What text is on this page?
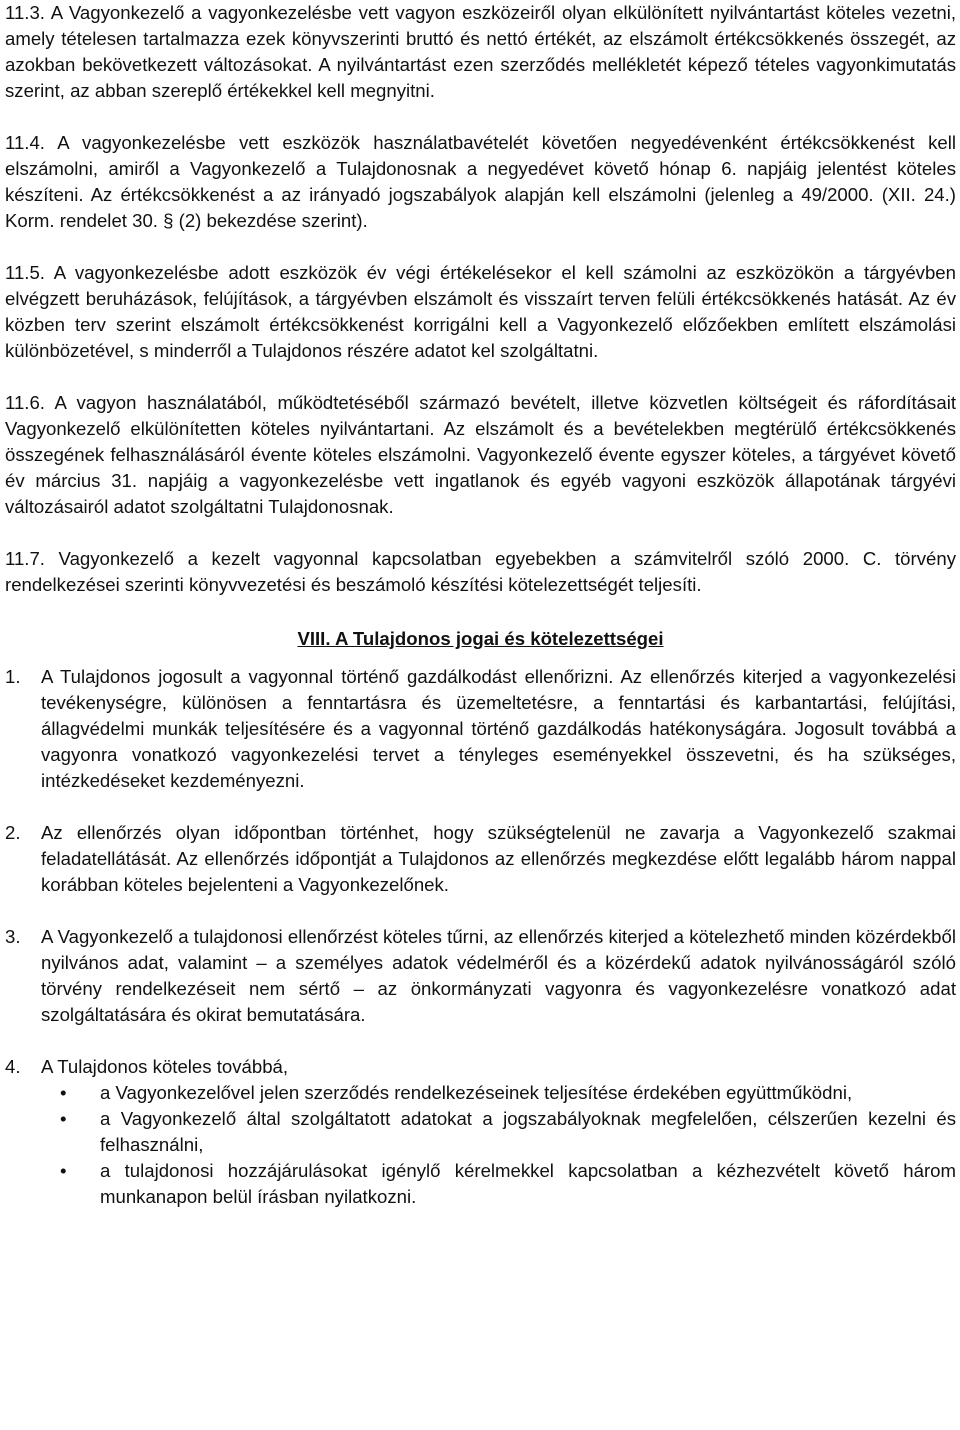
11.3. A Vagyonkezelő a vagyonkezelésbe vett vagyon eszközeiről olyan elkülönített nyilvántartást köteles vezetni, amely tételesen tartalmazza ezek könyvszerinti bruttó és nettó értékét, az elszámolt értékcsökkenés összegét, az azokban bekövetkezett változásokat. A nyilvántartást ezen szerződés mellékletét képező tételes vagyonkimutatás szerint, az abban szereplő értékekkel kell megnyitni.

11.4. A vagyonkezelésbe vett eszközök használatbavételét követően negyedévenként értékcsökkenést kell elszámolni, amiről a Vagyonkezelő a Tulajdonosnak a negyedévet követő hónap 6. napjáig jelentést köteles készíteni. Az értékcsökkenést a az irányadó jogszabályok alapján kell elszámolni (jelenleg a 49/2000. (XII. 24.) Korm. rendelet 30. § (2) bekezdése szerint).

11.5. A vagyonkezelésbe adott eszközök év végi értékelésekor el kell számolni az eszközökön a tárgyévben elvégzett beruházások, felújítások, a tárgyévben elszámolt és visszaírt terven felüli értékcsökkenés hatását. Az év közben terv szerint elszámolt értékcsökkenést korrigálni kell a Vagyonkezelő előzőekben említett elszámolási különbözetével, s minderről a Tulajdonos részére adatot kel szolgáltatni.

11.6. A vagyon használatából, működtetéséből származó bevételt, illetve közvetlen költségeit és ráfordításait Vagyonkezelő elkülönítetten köteles nyilvántartani. Az elszámolt és a bevételekben megtérülő értékcsökkenés összegének felhasználásáról évente köteles elszámolni. Vagyonkezelő évente egyszer köteles, a tárgyévet követő év március 31. napjáig a vagyonkezelésbe vett ingatlanok és egyéb vagyoni eszközök állapotának tárgyévi változásairól adatot szolgáltatni Tulajdonosnak.

11.7. Vagyonkezelő a kezelt vagyonnal kapcsolatban egyebekben a számvitelről szóló 2000. C. törvény rendelkezései szerinti könyvvezetési és beszámoló készítési kötelezettségét teljesíti.

VIII. A Tulajdonos jogai és kötelezettségei

1.	A Tulajdonos jogosult a vagyonnal történő gazdálkodást ellenőrizni. Az ellenőrzés kiterjed a vagyonkezelési tevékenységre, különösen a fenntartásra és üzemeltetésre, a fenntartási és karbantartási, felújítási, állagvédelmi munkák teljesítésére és a vagyonnal történő gazdálkodás hatékonyságára. Jogosult továbbá a vagyonra vonatkozó vagyonkezelési tervet a tényleges eseményekkel összevetni, és ha szükséges, intézkedéseket kezdeményezni.
2.	Az ellenőrzés olyan időpontban történhet, hogy szükségtelenül ne zavarja a Vagyonkezelő szakmai feladatellátását. Az ellenőrzés időpontját a Tulajdonos az ellenőrzés megkezdése előtt legalább három nappal korábban köteles bejelenteni a Vagyonkezelőnek.
3.	A Vagyonkezelő a tulajdonosi ellenőrzést köteles tűrni, az ellenőrzés kiterjed a kötelezhető minden közérdekből nyilvános adat, valamint – a személyes adatok védelméről és a közérdekű adatok nyilvánosságáról szóló törvény rendelkezéseit nem sértő – az önkormányzati vagyonra és vagyonkezelésre vonatkozó adat szolgáltatására és okirat bemutatására.
4.	A Tulajdonos köteles továbbá,
•	a Vagyonkezelővel jelen szerződés rendelkezéseinek teljesítése érdekében együttműködni,
•	a Vagyonkezelő által szolgáltatott adatokat a jogszabályoknak megfelelően, célszerűen kezelni és felhasználni,
•	a tulajdonosi hozzájárulásokat igénylő kérelmekkel kapcsolatban a kézhezvételt követő három munkanapon belül írásban nyilatkozni.
